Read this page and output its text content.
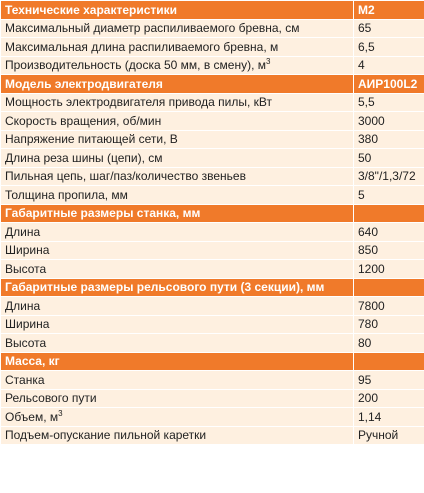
Технические характеристики	М2
Максимальный диаметр распиливаемого бревна, см	65
Максимальная длина распиливаемого бревна, м	6,5
Производительность (доска 50 мм, в смену), $м^3$	4
Модель электродвигателя	АИР100L2
Мощность электродвигателя привода пилы, кВт	5,5
Скорость вращения, об/мин	3000
Напряжение питающей сети, В	380
Длина реза шины (цепи), см	50
Пильная цепь, шаг/паз/количество звеньев	3/8"/1,3/72
Толщина пропила, мм	5
Габаритные размеры станка, мм	
Длина	640
Ширина	850
Высота	1200
Габаритные размеры рельсового пути (3 секции), мм	
Длина	7800
Ширина	780
Высота	80
Масса, кг	
Станка	95
Рельсового пути	200
Объем, $м^3$	1,14
Подъем-опускание пильной каретки	Ручной
